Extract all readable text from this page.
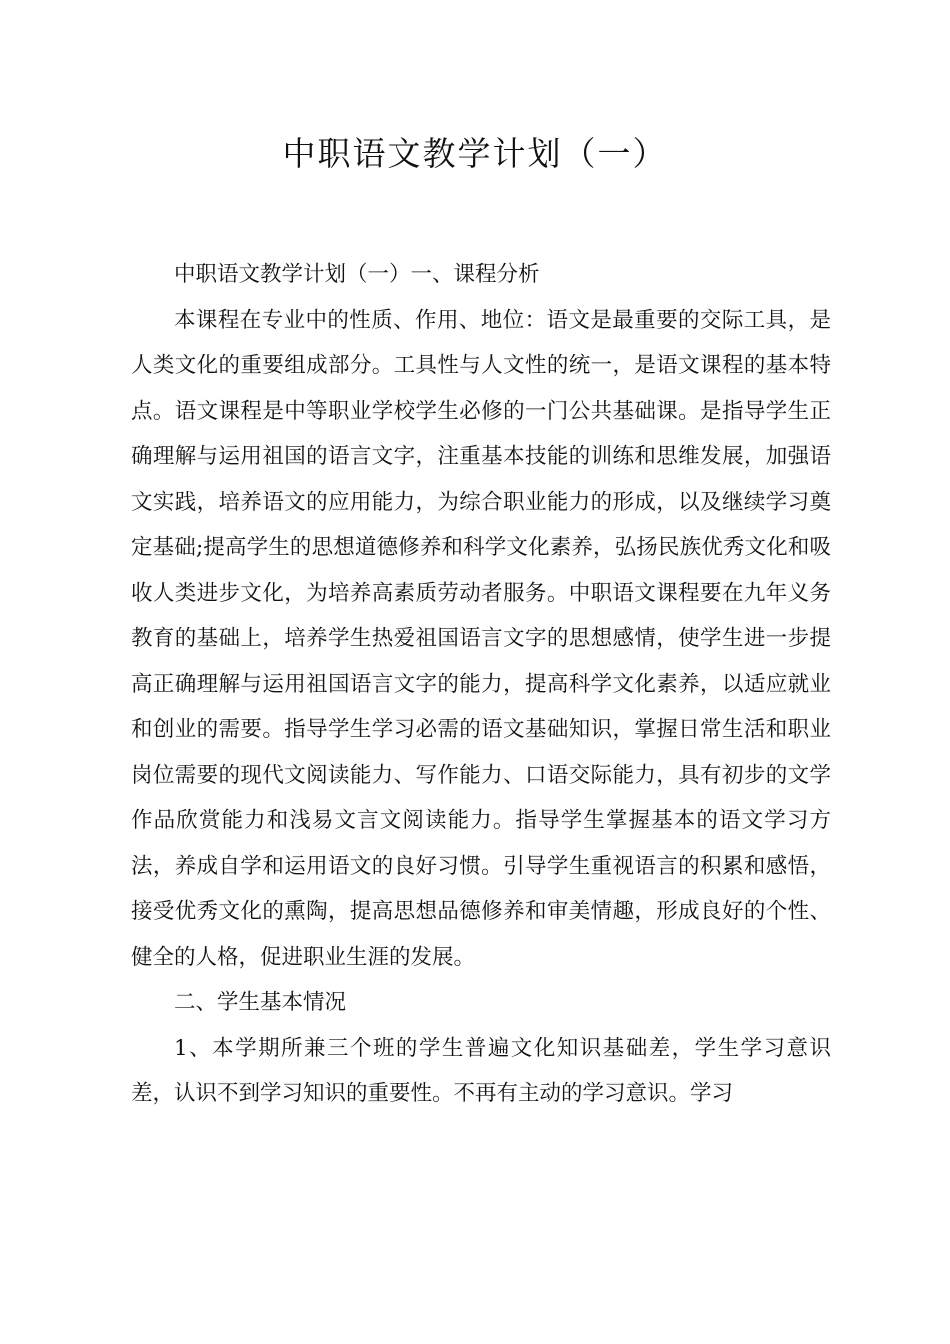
中职语文教学计划（一）

中职语文教学计划（一）一、课程分析

本课程在专业中的性质、作用、地位：语文是最重要的交际工具，是人类文化的重要组成部分。工具性与人文性的统一，是语文课程的基本特点。语文课程是中等职业学校学生必修的一门公共基础课。是指导学生正确理解与运用祖国的语言文字，注重基本技能的训练和思维发展，加强语文实践，培养语文的应用能力，为综合职业能力的形成，以及继续学习奠定基础;提高学生的思想道德修养和科学文化素养，弘扬民族优秀文化和吸收人类进步文化，为培养高素质劳动者服务。中职语文课程要在九年义务教育的基础上，培养学生热爱祖国语言文字的思想感情，使学生进一步提高正确理解与运用祖国语言文字的能力，提高科学文化素养，以适应就业和创业的需要。指导学生学习必需的语文基础知识，掌握日常生活和职业岗位需要的现代文阅读能力、写作能力、口语交际能力，具有初步的文学作品欣赏能力和浅易文言文阅读能力。指导学生掌握基本的语文学习方法，养成自学和运用语文的良好习惯。引导学生重视语言的积累和感悟，接受优秀文化的熏陶，提高思想品德修养和审美情趣，形成良好的个性、健全的人格，促进职业生涯的发展。

二、学生基本情况

1、本学期所兼三个班的学生普遍文化知识基础差，学生学习意识差，认识不到学习知识的重要性。不再有主动的学习意识。学习
